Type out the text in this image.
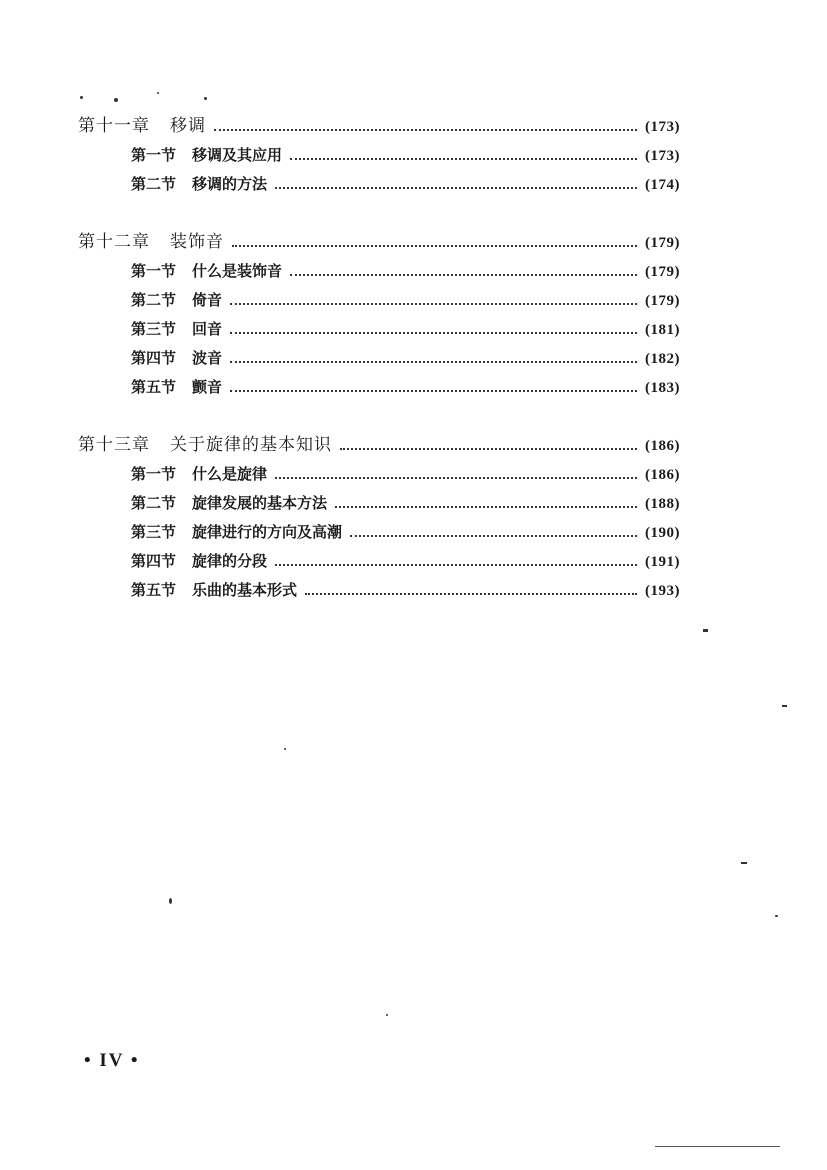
第十一章 移调	(173)
第一节 移调及其应用	(173)
第二节 移调的方法	(174)
第十二章 装饰音	(179)
第一节 什么是装饰音	(179)
第二节 倚音	(179)
第三节 回音	(181)
第四节 波音	(182)
第五节 颤音	(183)
第十三章 关于旋律的基本知识	(186)
第一节 什么是旋律	(186)
第二节 旋律发展的基本方法	(188)
第三节 旋律进行的方向及高潮	(190)
第四节 旋律的分段	(191)
第五节 乐曲的基本形式	(193)
• IV •
